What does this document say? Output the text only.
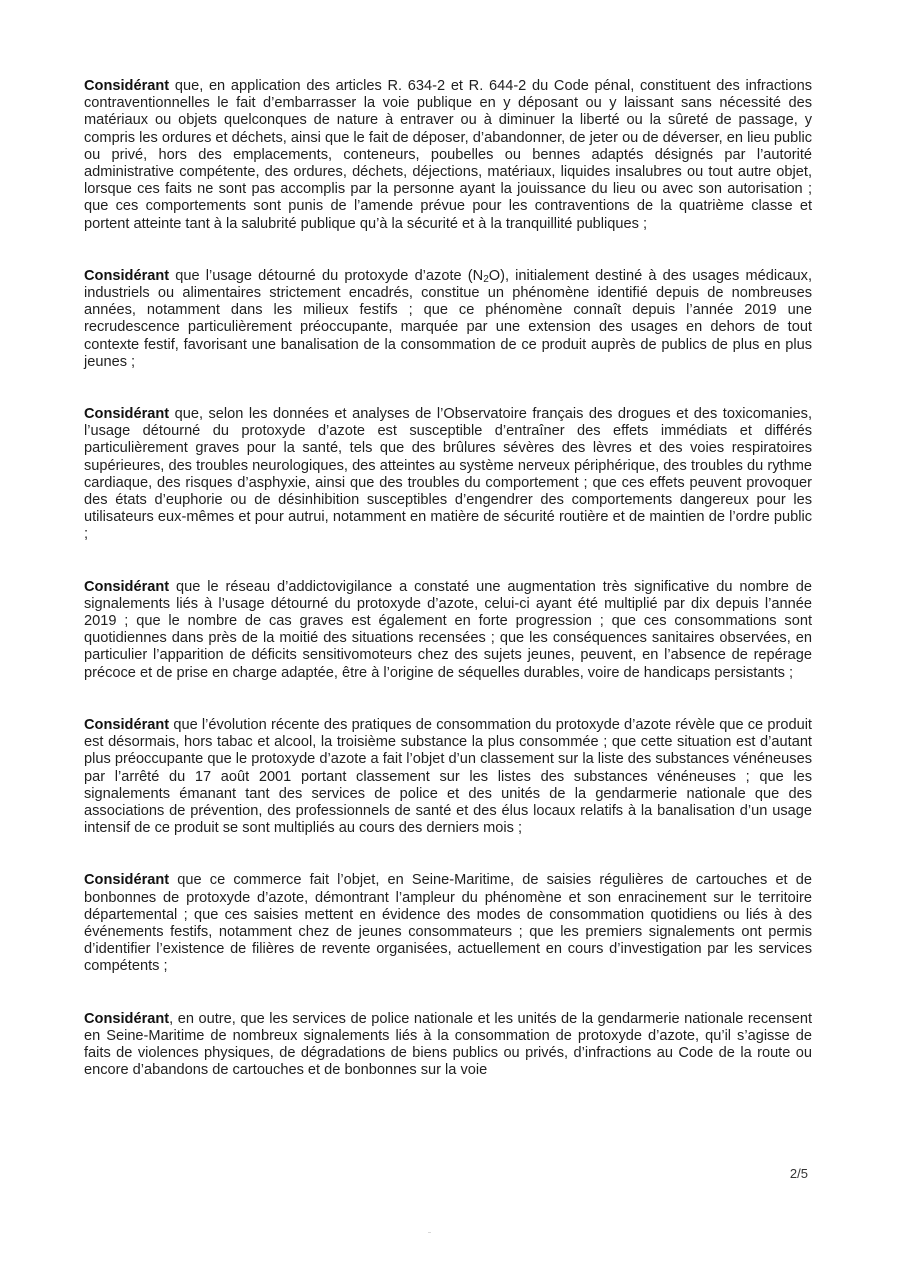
Considérant que, en application des articles R. 634-2 et R. 644-2 du Code pénal, constituent des infractions contraventionnelles le fait d’embarrasser la voie publique en y déposant ou y laissant sans nécessité des matériaux ou objets quelconques de nature à entraver ou à diminuer la liberté ou la sûreté de passage, y compris les ordures et déchets, ainsi que le fait de déposer, d’abandonner, de jeter ou de déverser, en lieu public ou privé, hors des emplacements, conteneurs, poubelles ou bennes adaptés désignés par l’autorité administrative compétente, des ordures, déchets, déjections, matériaux, liquides insalubres ou tout autre objet, lorsque ces faits ne sont pas accomplis par la personne ayant la jouissance du lieu ou avec son autorisation ; que ces comportements sont punis de l’amende prévue pour les contraventions de la quatrième classe et portent atteinte tant à la salubrité publique qu’à la sécurité et à la tranquillité publiques ;

Considérant que l’usage détourné du protoxyde d’azote $(N_2O)$, initialement destiné à des usages médicaux, industriels ou alimentaires strictement encadrés, constitue un phénomène identifié depuis de nombreuses années, notamment dans les milieux festifs ; que ce phénomène connaît depuis l’année 2019 une recrudescence particulièrement préoccupante, marquée par une extension des usages en dehors de tout contexte festif, favorisant une banalisation de la consommation de ce produit auprès de publics de plus en plus jeunes ;

Considérant que, selon les données et analyses de l’Observatoire français des drogues et des toxicomanies, l’usage détourné du protoxyde d’azote est susceptible d’entraîner des effets immédiats et différés particulièrement graves pour la santé, tels que des brûlures sévères des lèvres et des voies respiratoires supérieures, des troubles neurologiques, des atteintes au système nerveux périphérique, des troubles du rythme cardiaque, des risques d’asphyxie, ainsi que des troubles du comportement ; que ces effets peuvent provoquer des états d’euphorie ou de désinhibition susceptibles d’engendrer des comportements dangereux pour les utilisateurs eux-mêmes et pour autrui, notamment en matière de sécurité routière et de maintien de l’ordre public ;

Considérant que le réseau d’addictovigilance a constaté une augmentation très significative du nombre de signalements liés à l’usage détourné du protoxyde d’azote, celui-ci ayant été multiplié par dix depuis l’année 2019 ; que le nombre de cas graves est également en forte progression ; que ces consommations sont quotidiennes dans près de la moitié des situations recensées ; que les conséquences sanitaires observées, en particulier l’apparition de déficits sensitivomoteurs chez des sujets jeunes, peuvent, en l’absence de repérage précoce et de prise en charge adaptée, être à l’origine de séquelles durables, voire de handicaps persistants ;

Considérant que l’évolution récente des pratiques de consommation du protoxyde d’azote révèle que ce produit est désormais, hors tabac et alcool, la troisième substance la plus consommée ; que cette situation est d’autant plus préoccupante que le protoxyde d’azote a fait l’objet d’un classement sur la liste des substances vénéneuses par l’arrêté du 17 août 2001 portant classement sur les listes des substances vénéneuses ; que les signalements émanant tant des services de police et des unités de la gendarmerie nationale que des associations de prévention, des professionnels de santé et des élus locaux relatifs à la banalisation d’un usage intensif de ce produit se sont multipliés au cours des derniers mois ;

Considérant que ce commerce fait l’objet, en Seine-Maritime, de saisies régulières de cartouches et de bonbonnes de protoxyde d’azote, démontrant l’ampleur du phénomène et son enracinement sur le territoire départemental ; que ces saisies mettent en évidence des modes de consommation quotidiens ou liés à des événements festifs, notamment chez de jeunes consommateurs ; que les premiers signalements ont permis d’identifier l’existence de filières de revente organisées, actuellement en cours d’investigation par les services compétents ;

Considérant, en outre, que les services de police nationale et les unités de la gendarmerie nationale recensent en Seine-Maritime de nombreux signalements liés à la consommation de protoxyde d’azote, qu’il s’agisse de faits de violences physiques, de dégradations de biens publics ou privés, d’infractions au Code de la route ou encore d’abandons de cartouches et de bonbonnes sur la voie

2/5
